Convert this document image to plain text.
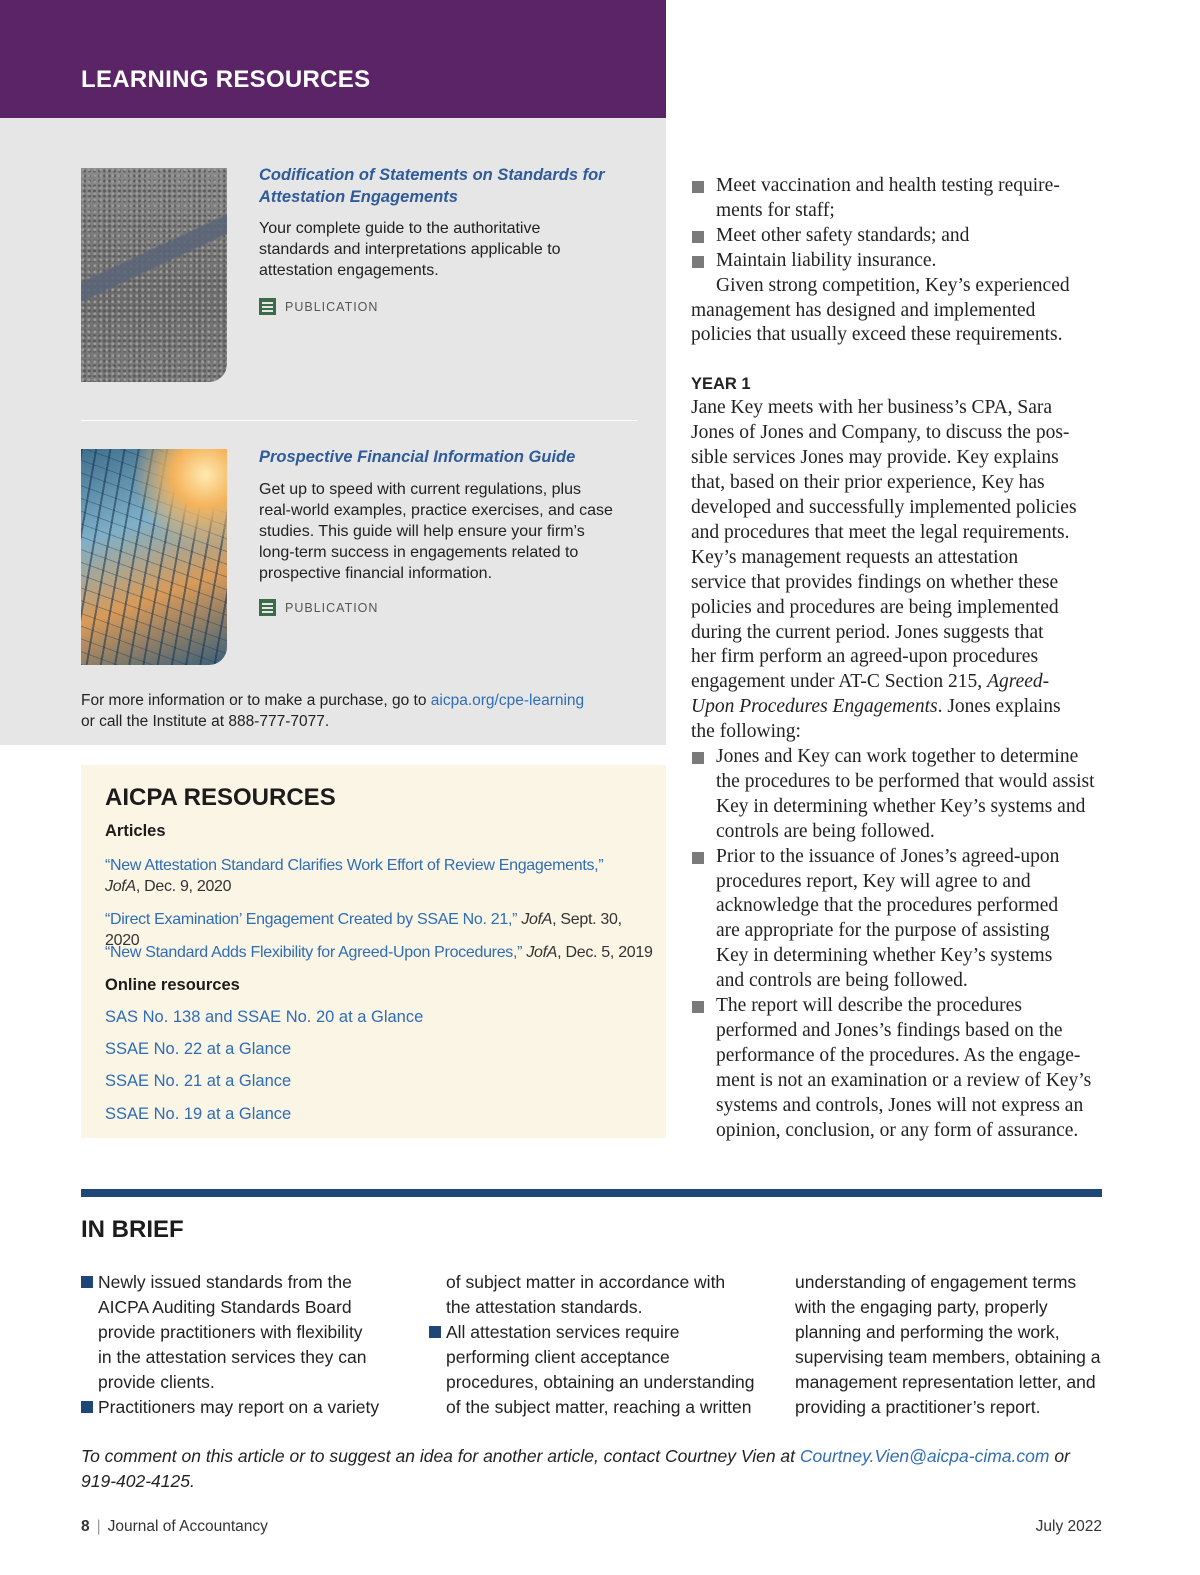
LEARNING RESOURCES
Codification of Statements on Standards for
Attestation Engagements
Your complete guide to the authoritative
standards and interpretations applicable to
attestation engagements.
PUBLICATION
Prospective Financial Information Guide
Get up to speed with current regulations, plus
real-world examples, practice exercises, and case
studies. This guide will help ensure your firm’s
long-term success in engagements related to
prospective financial information.
PUBLICATION
For more information or to make a purchase, go to aicpa.org/cpe-learning
or call the Institute at 888-777-7077.
AICPA RESOURCES
Articles
“New Attestation Standard Clarifies Work Effort of Review Engagements,”
JofA, Dec. 9, 2020
“Direct Examination’ Engagement Created by SSAE No. 21,” JofA, Sept. 30, 2020
“New Standard Adds Flexibility for Agreed-Upon Procedures,” JofA, Dec. 5, 2019
Online resources
SAS No. 138 and SSAE No. 20 at a Glance
SSAE No. 22 at a Glance
SSAE No. 21 at a Glance
SSAE No. 19 at a Glance

Meet vaccination and health testing require-
ments for staff;

Meet other safety standards; and

Maintain liability insurance.

Given strong competition, Key’s experienced
management has designed and implemented
policies that usually exceed these requirements.

YEAR 1

Jane Key meets with her business’s CPA, Sara
Jones of Jones and Company, to discuss the pos-
sible services Jones may provide. Key explains
that, based on their prior experience, Key has
developed and successfully implemented policies
and procedures that meet the legal requirements.
Key’s management requests an attestation
service that provides findings on whether these
policies and procedures are being implemented
during the current period. Jones suggests that
her firm perform an agreed-upon procedures
engagement under AT-C Section 215, Agreed-
Upon Procedures Engagements. Jones explains
the following:

Jones and Key can work together to determine
the procedures to be performed that would assist
Key in determining whether Key’s systems and
controls are being followed.

Prior to the issuance of Jones’s agreed-upon
procedures report, Key will agree to and
acknowledge that the procedures performed
are appropriate for the purpose of assisting
Key in determining whether Key’s systems
and controls are being followed.

The report will describe the procedures
performed and Jones’s findings based on the
performance of the procedures. As the engage-
ment is not an examination or a review of Key’s
systems and controls, Jones will not express an
opinion, conclusion, or any form of assurance.

IN BRIEF

Newly issued standards from the
AICPA Auditing Standards Board
provide practitioners with flexibility
in the attestation services they can
provide clients.

Practitioners may report on a variety

of subject matter in accordance with
the attestation standards.

All attestation services require
performing client acceptance
procedures, obtaining an understanding
of the subject matter, reaching a written

understanding of engagement terms
with the engaging party, properly
planning and performing the work,
supervising team members, obtaining a
management representation letter, and
providing a practitioner’s report.

To comment on this article or to suggest an idea for another article, contact Courtney Vien at Courtney.Vien@aicpa-cima.com or
919-402-4125.
8 | Journal of Accountancy	July 2022
